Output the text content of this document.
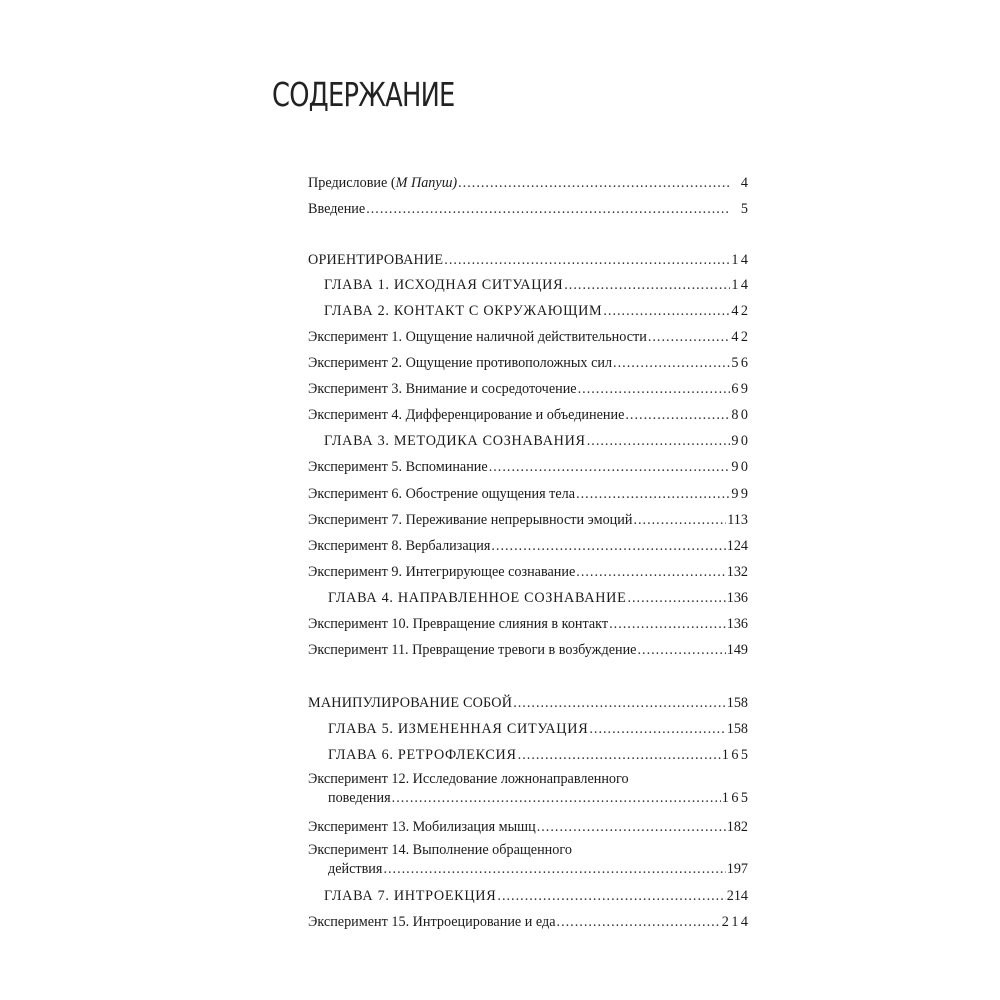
СОДЕРЖАНИЕ
Предисловие (М Папуш) .....	4
Введение .....	5
ОРИЕНТИРОВАНИЕ .....	14
ГЛАВА 1. ИСХОДНАЯ СИТУАЦИЯ .....	14
ГЛАВА 2. КОНТАКТ С ОКРУЖАЮЩИМ .....	42
Эксперимент 1. Ощущение наличной действительности .....	42
Эксперимент 2. Ощущение противоположных сил .....	56
Эксперимент 3. Внимание и сосредоточение .....	69
Эксперимент 4. Дифференцирование и объединение .....	80
ГЛАВА 3. МЕТОДИКА СОЗНАВАНИЯ .....	90
Эксперимент 5. Вспоминание .....	90
Эксперимент 6. Обострение ощущения тела .....	99
Эксперимент 7. Переживание непрерывности эмоций .....	113
Эксперимент 8. Вербализация .....	124
Эксперимент 9. Интегрирующее сознавание .....	132
ГЛАВА 4. НАПРАВЛЕННОЕ СОЗНАВАНИЕ .....	136
Эксперимент 10. Превращение слияния в контакт .....	136
Эксперимент 11. Превращение тревоги в возбуждение .....	149
МАНИПУЛИРОВАНИЕ СОБОЙ .....	158
ГЛАВА 5. ИЗМЕНЕННАЯ СИТУАЦИЯ .....	158
ГЛАВА 6. РЕТРОФЛЕКСИЯ .....	165
Эксперимент 12. Исследование ложнонаправленного
поведения .....	165
Эксперимент 13. Мобилизация мышц .....	182
Эксперимент 14. Выполнение обращенного
действия .....	197
ГЛАВА 7. ИНТРОЕКЦИЯ .....	214
Эксперимент 15. Интроецирование и еда .....	214
